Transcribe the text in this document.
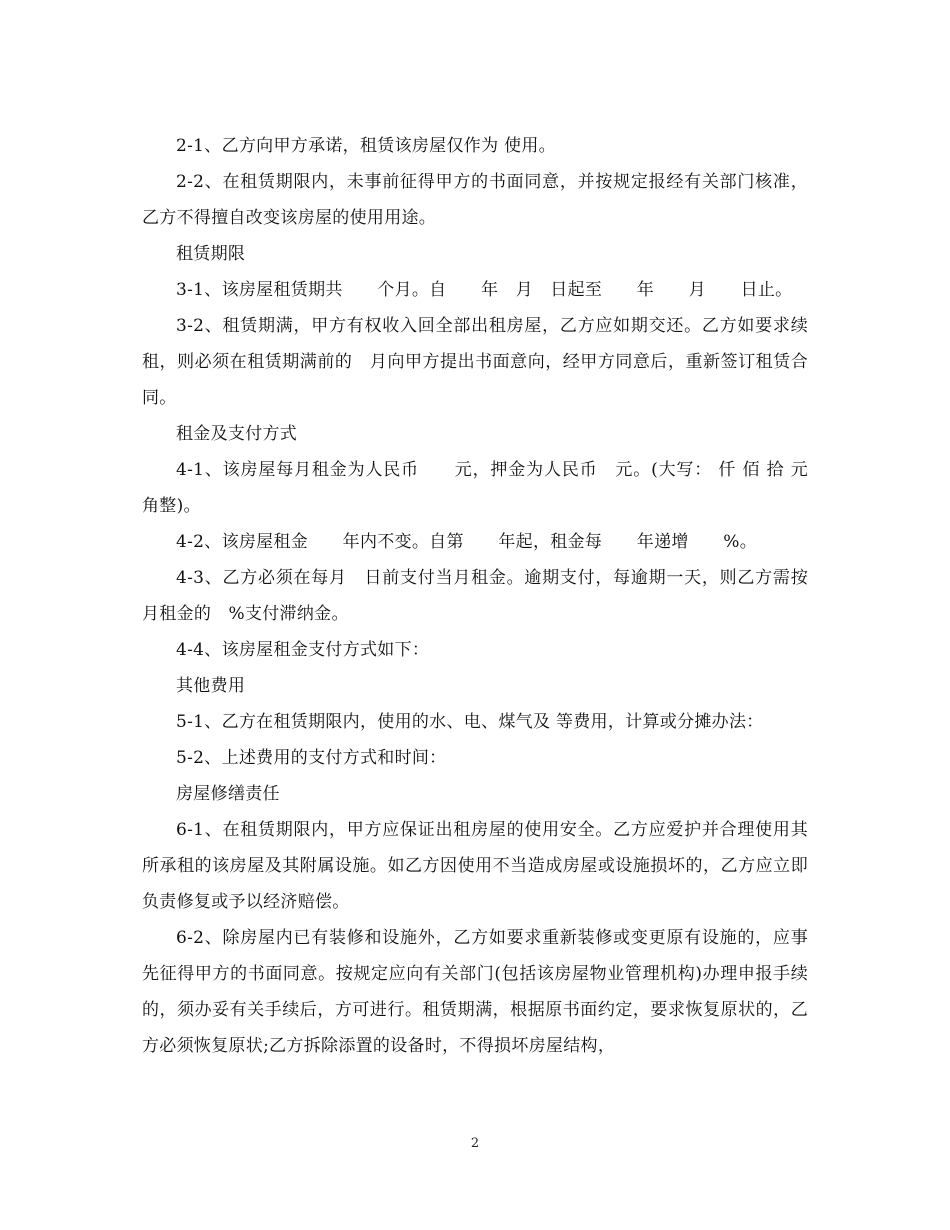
2-1、乙方向甲方承诺，租赁该房屋仅作为 使用。

2-2、在租赁期限内，未事前征得甲方的书面同意，并按规定报经有关部门核准，乙方不得擅自改变该房屋的使用用途。

租赁期限

3-1、该房屋租赁期共　　个月。自　　年　月　日起至　　年　　月　　日止。

3-2、租赁期满，甲方有权收入回全部出租房屋，乙方应如期交还。乙方如要求续租，则必须在租赁期满前的　月向甲方提出书面意向，经甲方同意后，重新签订租赁合同。

租金及支付方式

4-1、该房屋每月租金为人民币　　元，押金为人民币　元。(大写： 仟 佰 拾 元 角整)。

4-2、该房屋租金　　年内不变。自第　　年起，租金每　　年递增　　%。

4-3、乙方必须在每月　日前支付当月租金。逾期支付，每逾期一天，则乙方需按月租金的　%支付滞纳金。

4-4、该房屋租金支付方式如下：

其他费用

5-1、乙方在租赁期限内，使用的水、电、煤气及 等费用，计算或分摊办法：

5-2、上述费用的支付方式和时间：

房屋修缮责任

6-1、在租赁期限内，甲方应保证出租房屋的使用安全。乙方应爱护并合理使用其所承租的该房屋及其附属设施。如乙方因使用不当造成房屋或设施损坏的，乙方应立即负责修复或予以经济赔偿。

6-2、除房屋内已有装修和设施外，乙方如要求重新装修或变更原有设施的，应事先征得甲方的书面同意。按规定应向有关部门(包括该房屋物业管理机构)办理申报手续的，须办妥有关手续后，方可进行。租赁期满，根据原书面约定，要求恢复原状的，乙方必须恢复原状;乙方拆除添置的设备时，不得损坏房屋结构，

2
